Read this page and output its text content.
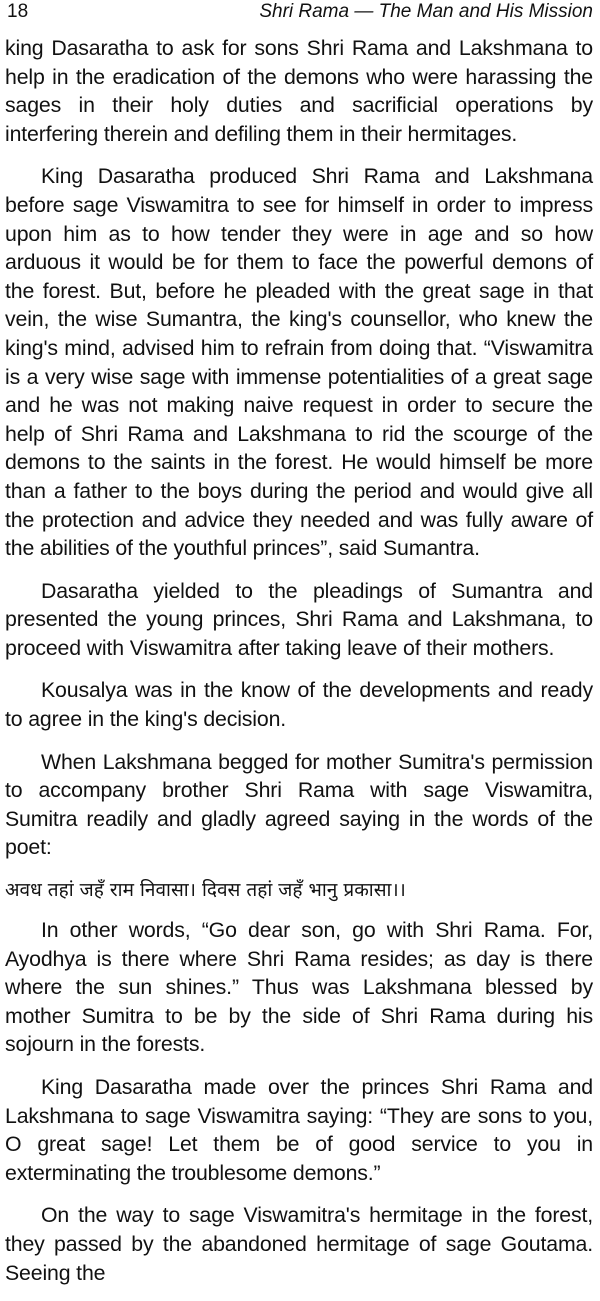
18	Shri Rama — The Man and His Mission

king Dasaratha to ask for sons Shri Rama and Lakshmana to help in the eradication of the demons who were harassing the sages in their holy duties and sacrificial operations by interfering therein and defiling them in their hermitages.

King Dasaratha produced Shri Rama and Lakshmana before sage Viswamitra to see for himself in order to impress upon him as to how tender they were in age and so how arduous it would be for them to face the powerful demons of the forest. But, before he pleaded with the great sage in that vein, the wise Sumantra, the king's counsellor, who knew the king's mind, advised him to refrain from doing that. “Viswamitra is a very wise sage with immense potentialities of a great sage and he was not making naive request in order to secure the help of Shri Rama and Lakshmana to rid the scourge of the demons to the saints in the forest. He would himself be more than a father to the boys during the period and would give all the protection and advice they needed and was fully aware of the abilities of the youthful princes”, said Sumantra.

Dasaratha yielded to the pleadings of Sumantra and presented the young princes, Shri Rama and Lakshmana, to proceed with Viswamitra after taking leave of their mothers.

Kousalya was in the know of the developments and ready to agree in the king's decision.

When Lakshmana begged for mother Sumitra's permission to accompany brother Shri Rama with sage Viswamitra, Sumitra readily and gladly agreed saying in the words of the poet:

अवध तहां जहँ राम निवासा। दिवस तहां जहँ भानु प्रकासा।।

In other words, “Go dear son, go with Shri Rama. For, Ayodhya is there where Shri Rama resides; as day is there where the sun shines.” Thus was Lakshmana blessed by mother Sumitra to be by the side of Shri Rama during his sojourn in the forests.

King Dasaratha made over the princes Shri Rama and Lakshmana to sage Viswamitra saying: “They are sons to you, O great sage! Let them be of good service to you in exterminating the troublesome demons.”

On the way to sage Viswamitra's hermitage in the forest, they passed by the abandoned hermitage of sage Goutama. Seeing the
